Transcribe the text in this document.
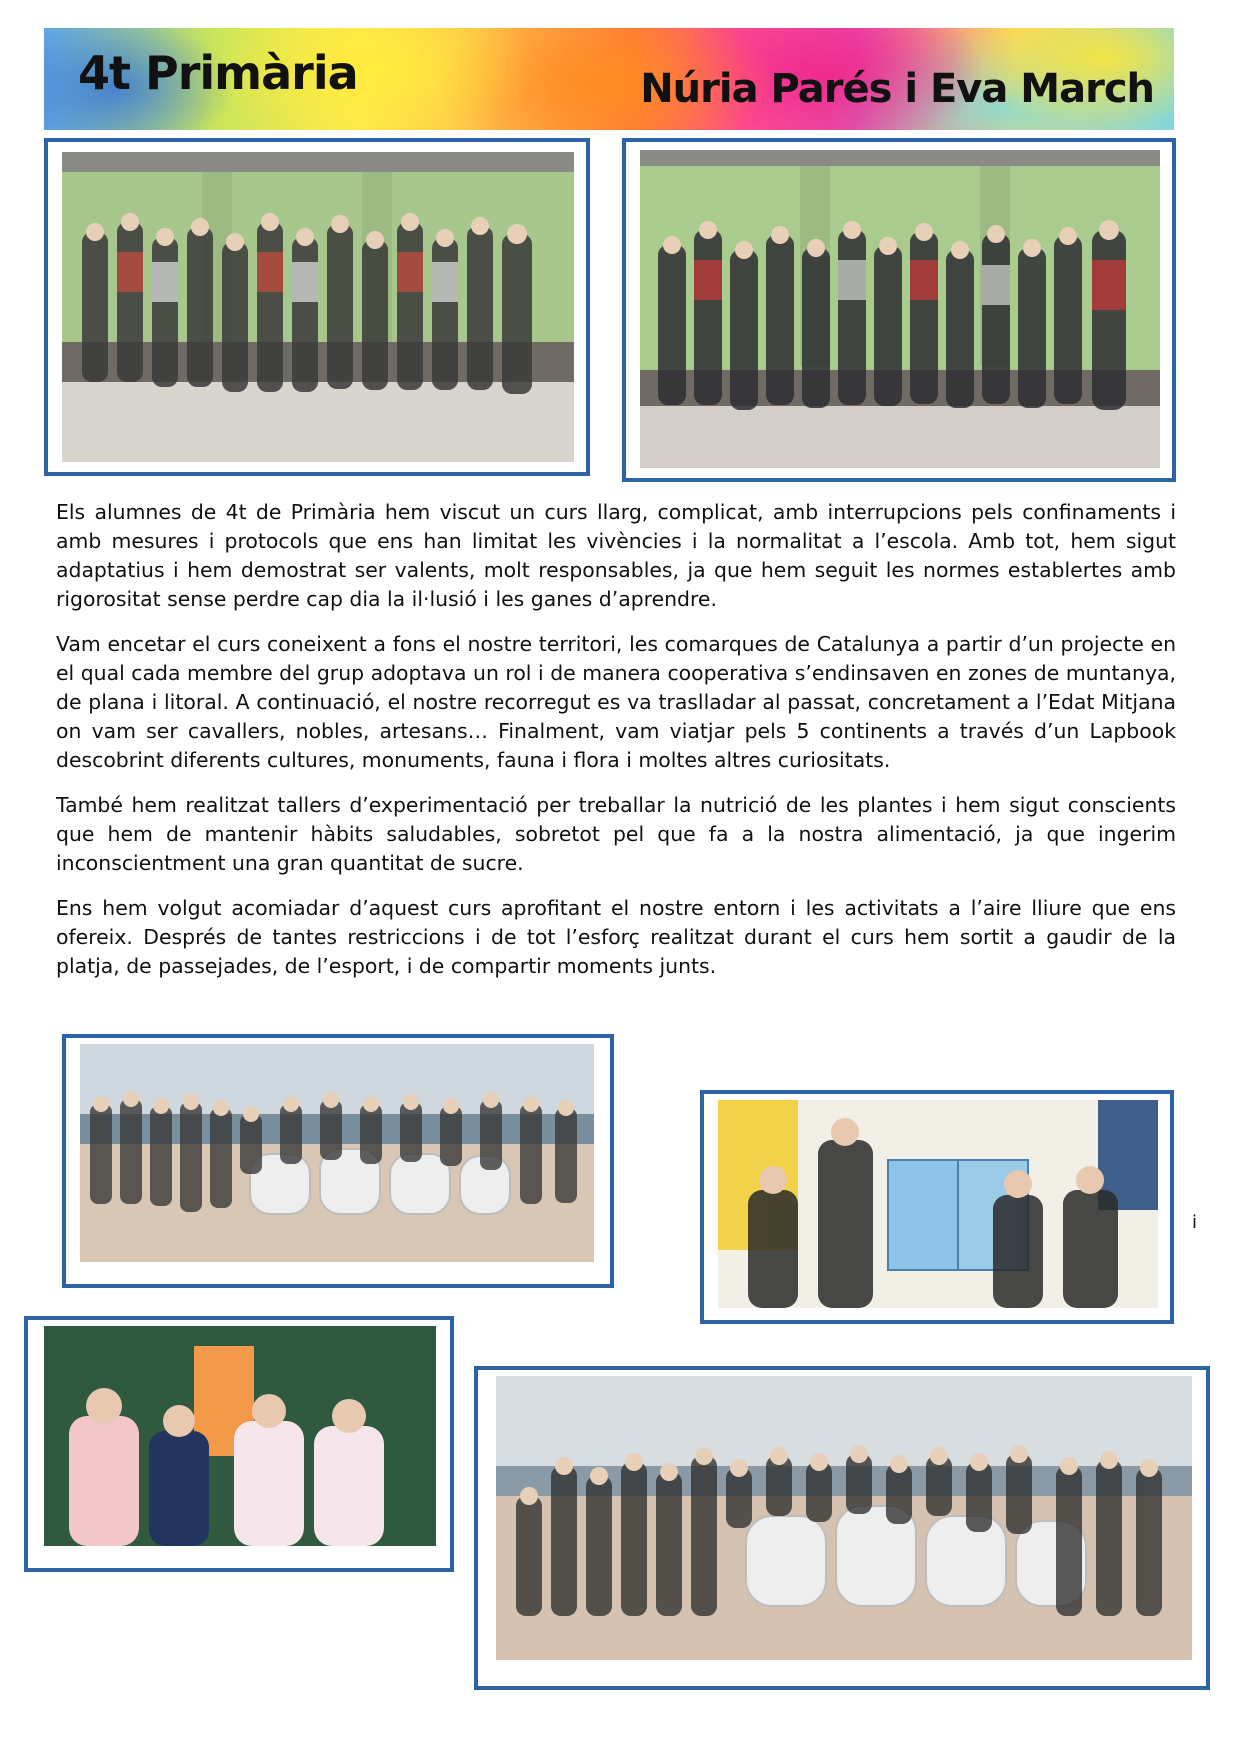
4t Primària	Núria Parés i Eva March

Els alumnes de 4t de Primària hem viscut un curs llarg, complicat, amb interrupcions pels confinaments i amb mesures i protocols que ens han limitat les vivències i la normalitat a l’escola. Amb tot, hem sigut adaptatius i hem demostrat ser valents, molt responsables, ja que hem seguit les normes establertes amb rigorositat sense perdre cap dia la il·lusió i les ganes d’aprendre.

Vam encetar el curs coneixent a fons el nostre territori, les comarques de Catalunya a partir d’un projecte en el qual cada membre del grup adoptava un rol i de manera cooperativa s’endinsaven en zones de muntanya, de plana i litoral. A continuació, el nostre recorregut es va traslladar al passat, concretament a l’Edat Mitjana on vam ser cavallers, nobles, artesans… Finalment, vam viatjar pels 5 continents a través d’un Lapbook descobrint diferents cultures, monuments, fauna i flora i moltes altres curiositats.

També hem realitzat tallers d’experimentació per treballar la nutrició de les plantes i hem sigut conscients que hem de mantenir hàbits saludables, sobretot pel que fa a la nostra alimentació, ja que ingerim inconscientment una gran quantitat de sucre.

Ens hem volgut acomiadar d’aquest curs aprofitant el nostre entorn i les activitats a l’aire lliure que ens ofereix. Després de tantes restriccions i de tot l’esforç realitzat durant el curs hem sortit a gaudir de la platja, de passejades, de l’esport, i de compartir moments junts.

i
